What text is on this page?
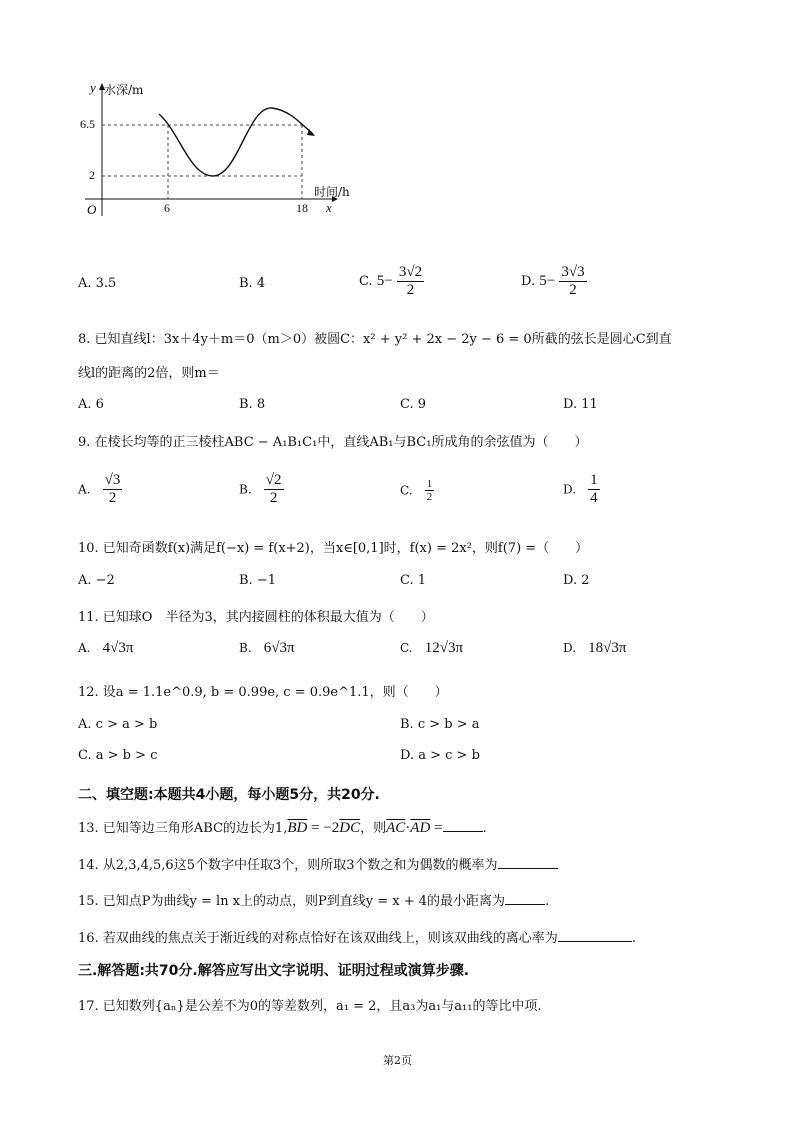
y 水深/m
6.5
2
O	6	18 x
时间/h
A. 3.5	B. 4	C. $5- \frac{3√2}{2}$	D. $5- \frac{3√3}{2}$
8. 已知直线l：3x＋4y＋m＝0（m＞0）被圆C：x² + y² + 2x − 2y − 6 = 0所截的弦长是圆心C到直
线l的距离的2倍，则m＝
A. 6	B. 8	C. 9	D. 11
9. 在棱长均等的正三棱柱ABC − A₁B₁C₁中，直线AB₁与BC₁所成角的余弦值为（　　）
A. $\frac{√3}{2}$	B. $\frac{√2}{2}$	C. $\frac{1}{2}$	D. $\frac{1}{4}$
10. 已知奇函数f(x)满足f(−x) = f(x+2)，当x∈[0,1]时，f(x) = 2x²，则f(7) =（　　）
A. −2	B. −1	C. 1	D. 2
11. 已知球O　半径为3，其内接圆柱的体积最大值为（　　）
A. 4√3π	B. 6√3π	C. 12√3π	D. 18√3π
12. 设a = 1.1e^0.9, b = 0.99e, c = 0.9e^1.1，则（　　）
A. c > a > b	B. c > b > a
C. a > b > c	D. a > c > b
二、填空题:本题共4小题，每小题5分，共20分.
13. 已知等边三角形ABC的边长为$1,\overline{BD} = -2\overline{DC}$，则$\overline{AC}\cdot\overline{AD}$ =	.
14. 从2,3,4,5,6这5个数字中任取3个，则所取3个数之和为偶数的概率为
15. 已知点P为曲线y = ln x上的动点，则P到直线y = x + 4的最小距离为	.
16. 若双曲线的焦点关于渐近线的对称点恰好在该双曲线上，则该双曲线的离心率为	.
三.解答题:共70分.解答应写出文字说明、证明过程或演算步骤.
17. 已知数列{aₙ}是公差不为0的等差数列，a₁ = 2，且a₃为a₁与a₁₁的等比中项.
第2页
